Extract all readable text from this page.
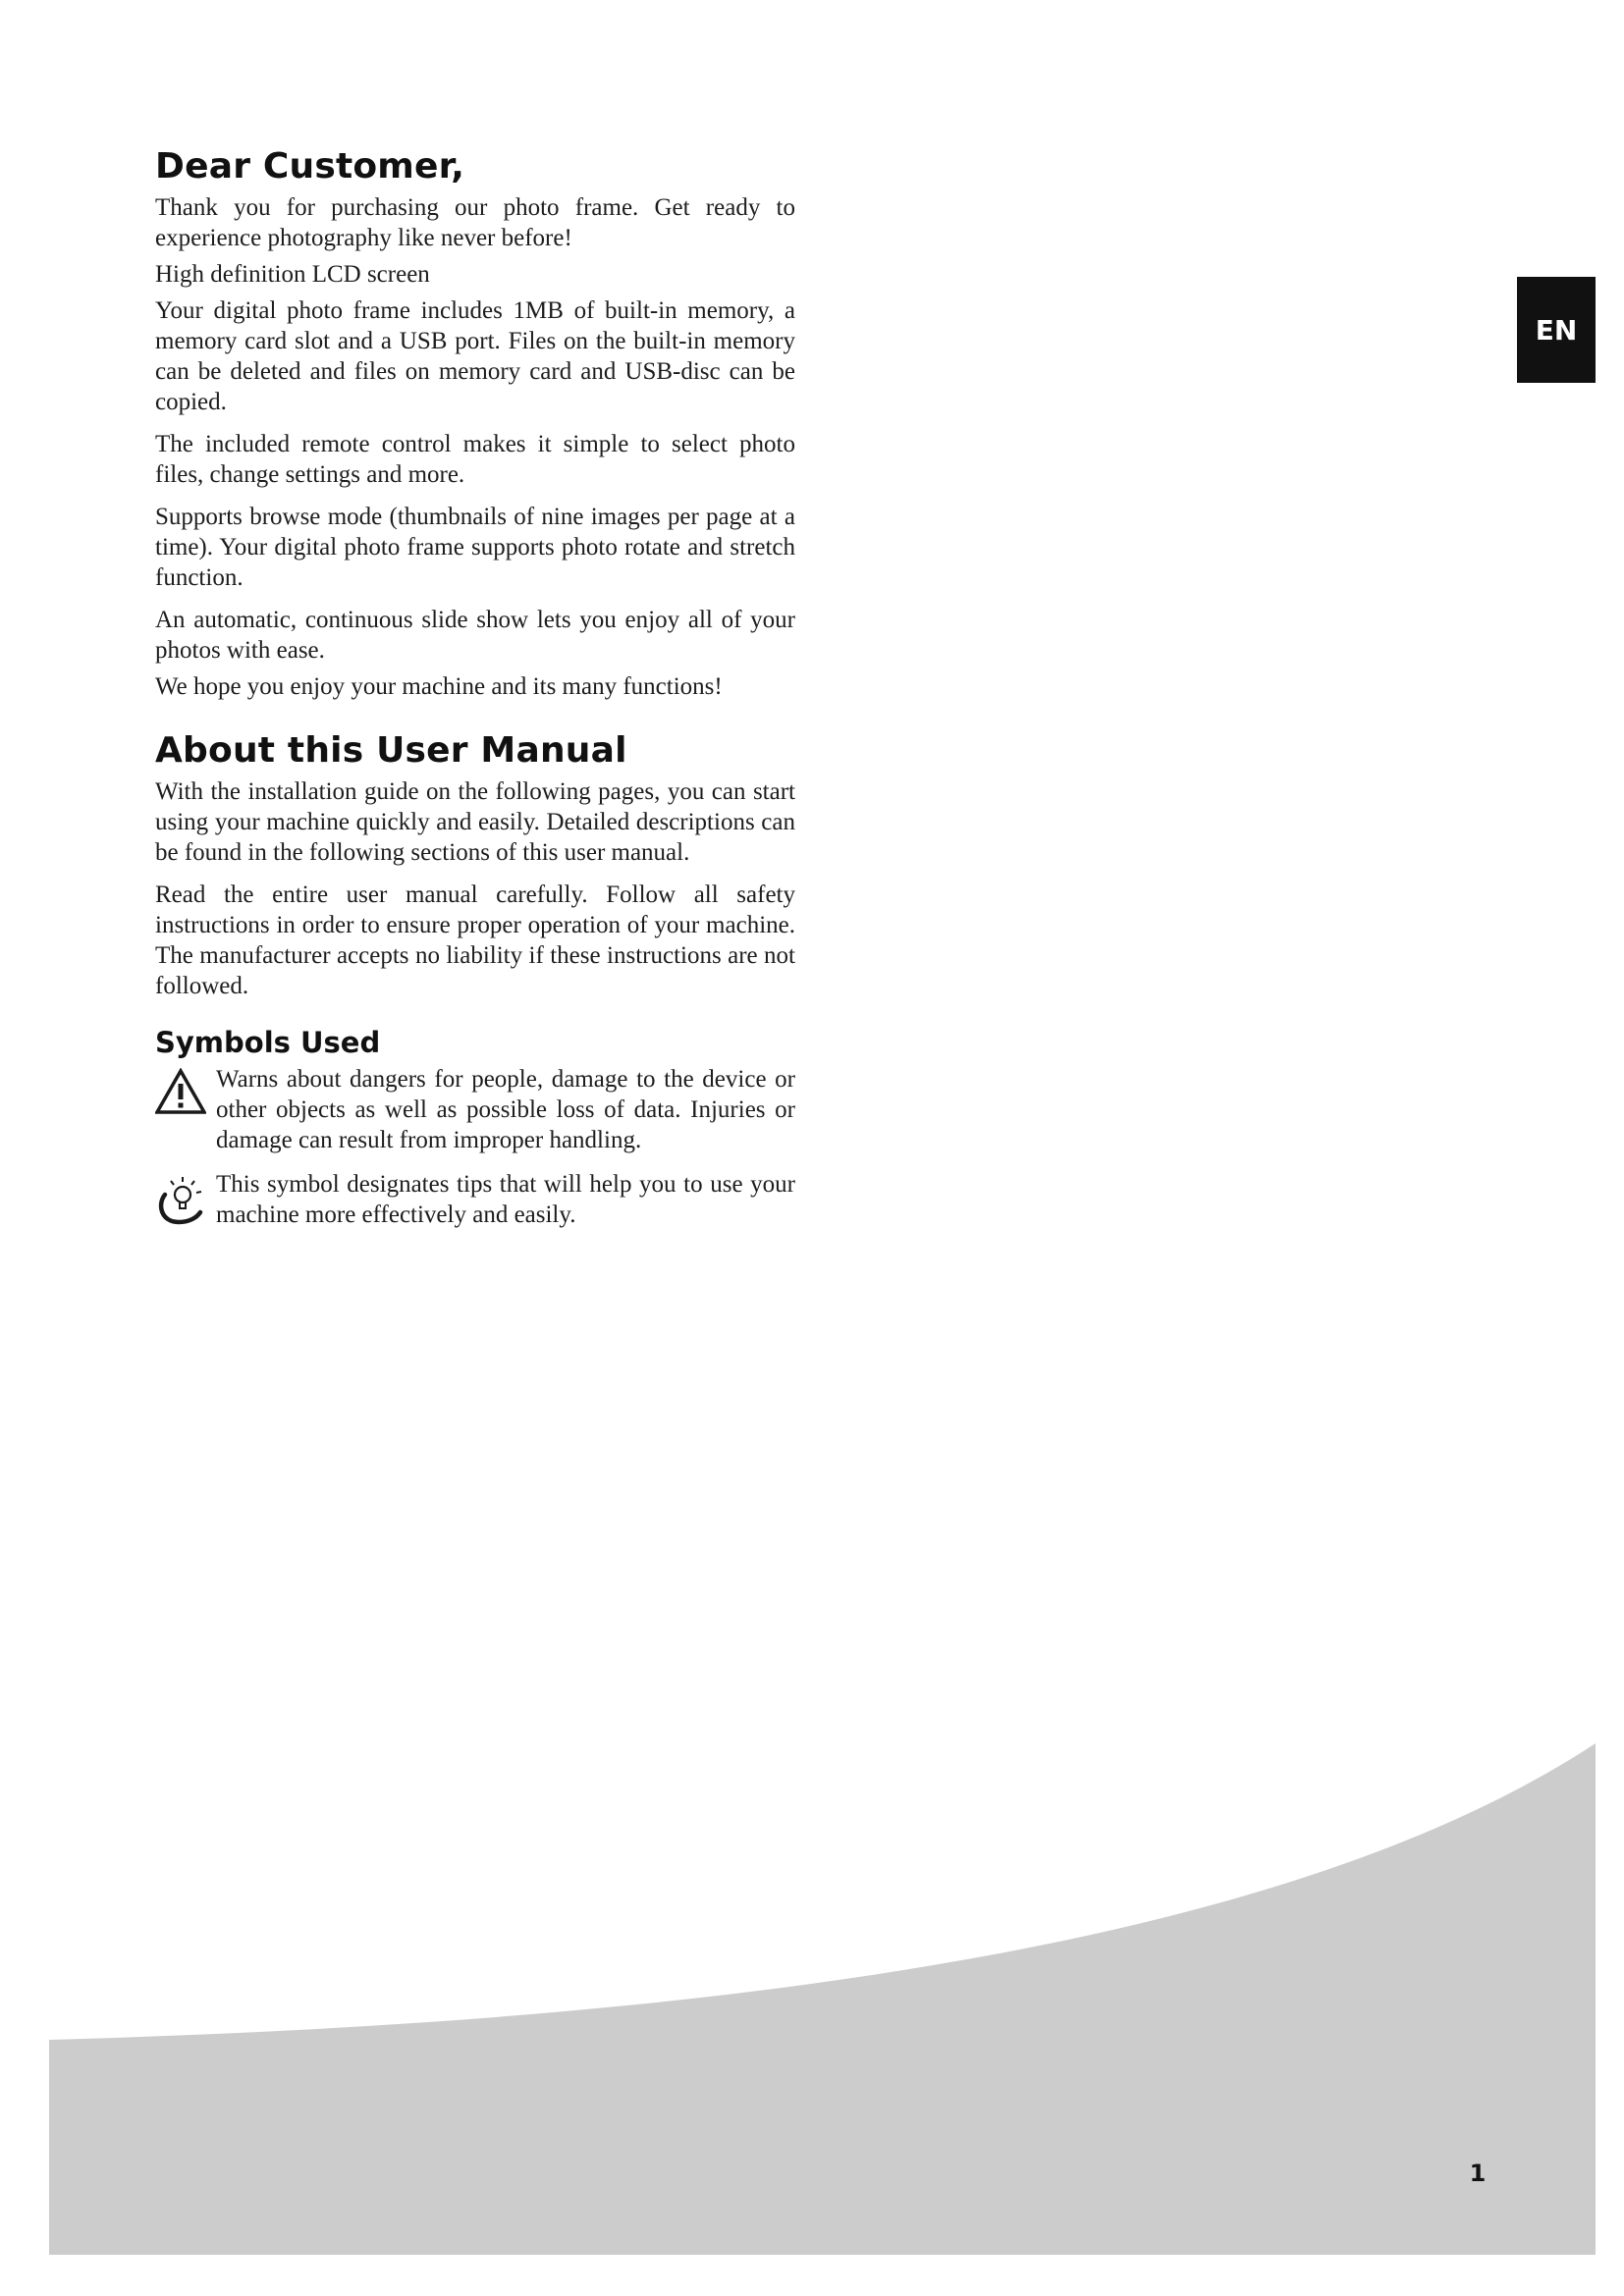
EN
Dear Customer,

Thank you for purchasing our photo frame. Get ready to experience photography like never before!

High definition LCD screen

Your digital photo frame includes 1MB of built-in memory, a memory card slot and a USB port. Files on the built-in memory can be deleted and files on memory card and USB-disc can be copied.

The included remote control makes it simple to select photo files, change settings and more.

Supports browse mode (thumbnails of nine images per page at a time). Your digital photo frame supports photo rotate and stretch function.

An automatic, continuous slide show lets you enjoy all of your photos with ease.

We hope you enjoy your machine and its many functions!

About this User Manual

With the installation guide on the following pages, you can start using your machine quickly and easily. Detailed descriptions can be found in the following sections of this user manual.

Read the entire user manual carefully. Follow all safety instructions in order to ensure proper operation of your machine. The manufacturer accepts no liability if these instructions are not followed.

Symbols Used

Warns about dangers for people, damage to the device or other objects as well as possible loss of data. Injuries or damage can result from improper handling.

This symbol designates tips that will help you to use your machine more effectively and easily.

1
